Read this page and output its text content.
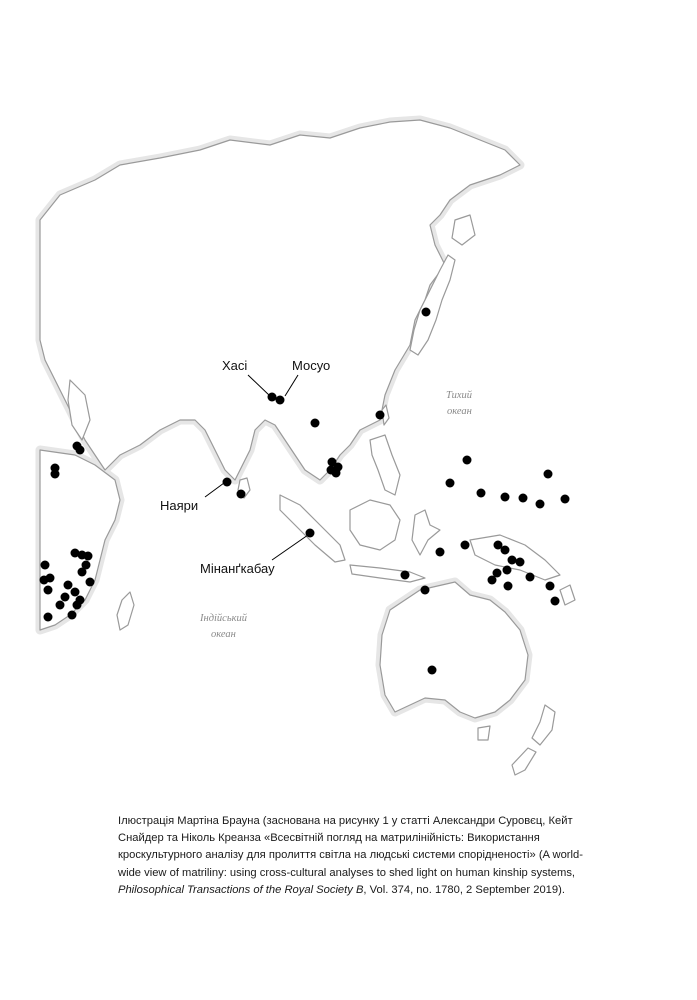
Хасі	Мосуо
Наяри
Мінанґкабау
Тихий
океан
Індійський
океан

Ілюстрація Мартіна Брауна (заснована на рисунку 1 у статті Александри Суровєц, Кейт Снайдер та Ніколь Креанза «Всесвітній погляд на матрилінійність: Використання кроскультурного аналізу для пролиття світла на людські системи спорідненості» (A world-wide view of matriliny: using cross-cultural analyses to shed light on human kinship systems, Philosophical Transactions of the Royal Society B, Vol. 374, no. 1780, 2 September 2019).
